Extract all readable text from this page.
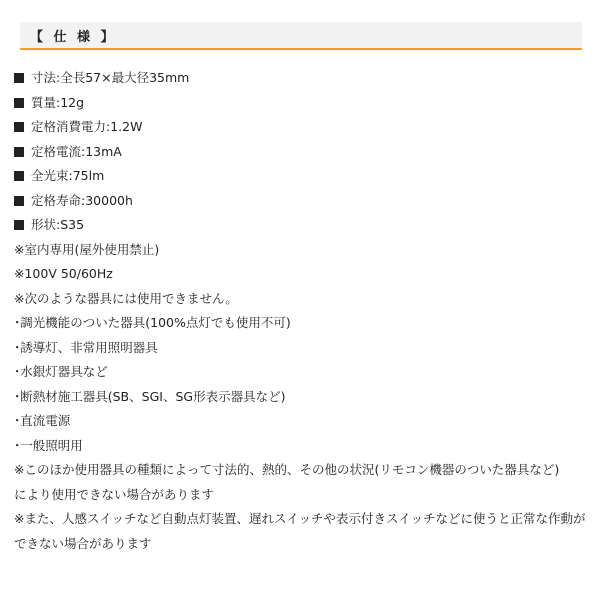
【 仕 様 】
寸法:全長57×最大径35mm
質量:12g
定格消費電力:1.2W
定格電流:13mA
全光束:75lm
定格寿命:30000h
形状:S35
※室内専用(屋外使用禁止)
※100V 50/60Hz
※次のような器具には使用できません。
･調光機能のついた器具(100%点灯でも使用不可)
･誘導灯、非常用照明器具
･水銀灯器具など
･断熱材施工器具(SB、SGI、SG形表示器具など)
･直流電源
･一般照明用
※このほか使用器具の種類によって寸法的、熱的、その他の状況(リモコン機器のついた器具など)
により使用できない場合があります
※また、人感スイッチなど自動点灯装置、遅れスイッチや表示付きスイッチなどに使うと正常な作動が
できない場合があります
